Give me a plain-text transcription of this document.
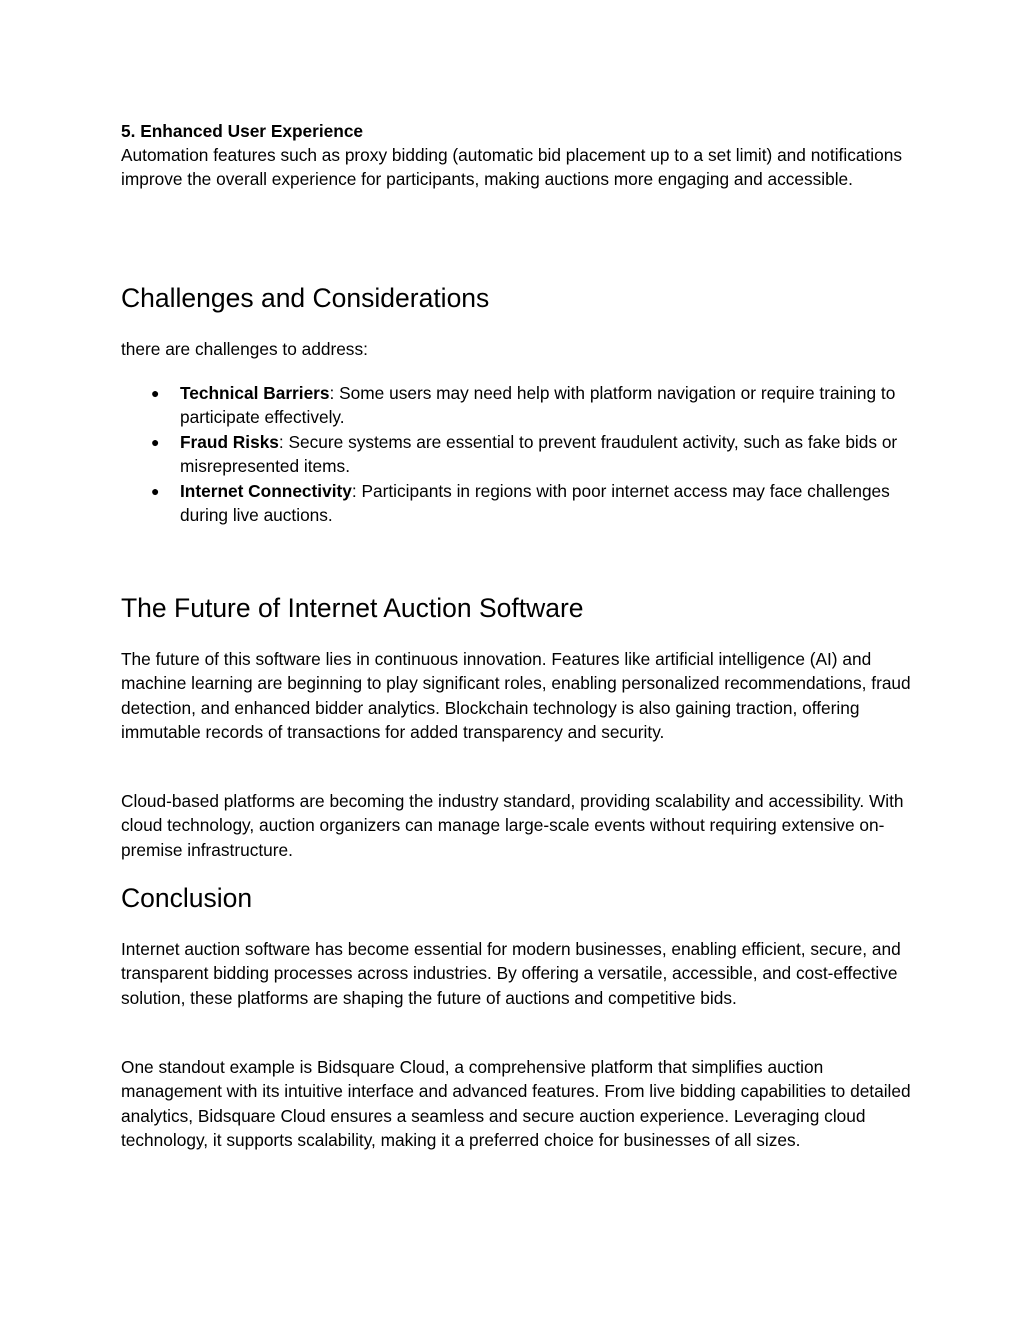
5. Enhanced User Experience

Automation features such as proxy bidding (automatic bid placement up to a set limit) and notifications improve the overall experience for participants, making auctions more engaging and accessible.

Challenges and Considerations

there are challenges to address:

● Technical Barriers: Some users may need help with platform navigation or require training to participate effectively.
● Fraud Risks: Secure systems are essential to prevent fraudulent activity, such as fake bids or misrepresented items.
● Internet Connectivity: Participants in regions with poor internet access may face challenges during live auctions.
The Future of Internet Auction Software

The future of this software lies in continuous innovation. Features like artificial intelligence (AI) and machine learning are beginning to play significant roles, enabling personalized recommendations, fraud detection, and enhanced bidder analytics. Blockchain technology is also gaining traction, offering immutable records of transactions for added transparency and security.

Cloud-based platforms are becoming the industry standard, providing scalability and accessibility. With cloud technology, auction organizers can manage large-scale events without requiring extensive on-premise infrastructure.

Conclusion

Internet auction software has become essential for modern businesses, enabling efficient, secure, and transparent bidding processes across industries. By offering a versatile, accessible, and cost-effective solution, these platforms are shaping the future of auctions and competitive bids.

One standout example is Bidsquare Cloud, a comprehensive platform that simplifies auction management with its intuitive interface and advanced features. From live bidding capabilities to detailed analytics, Bidsquare Cloud ensures a seamless and secure auction experience. Leveraging cloud technology, it supports scalability, making it a preferred choice for businesses of all sizes.
